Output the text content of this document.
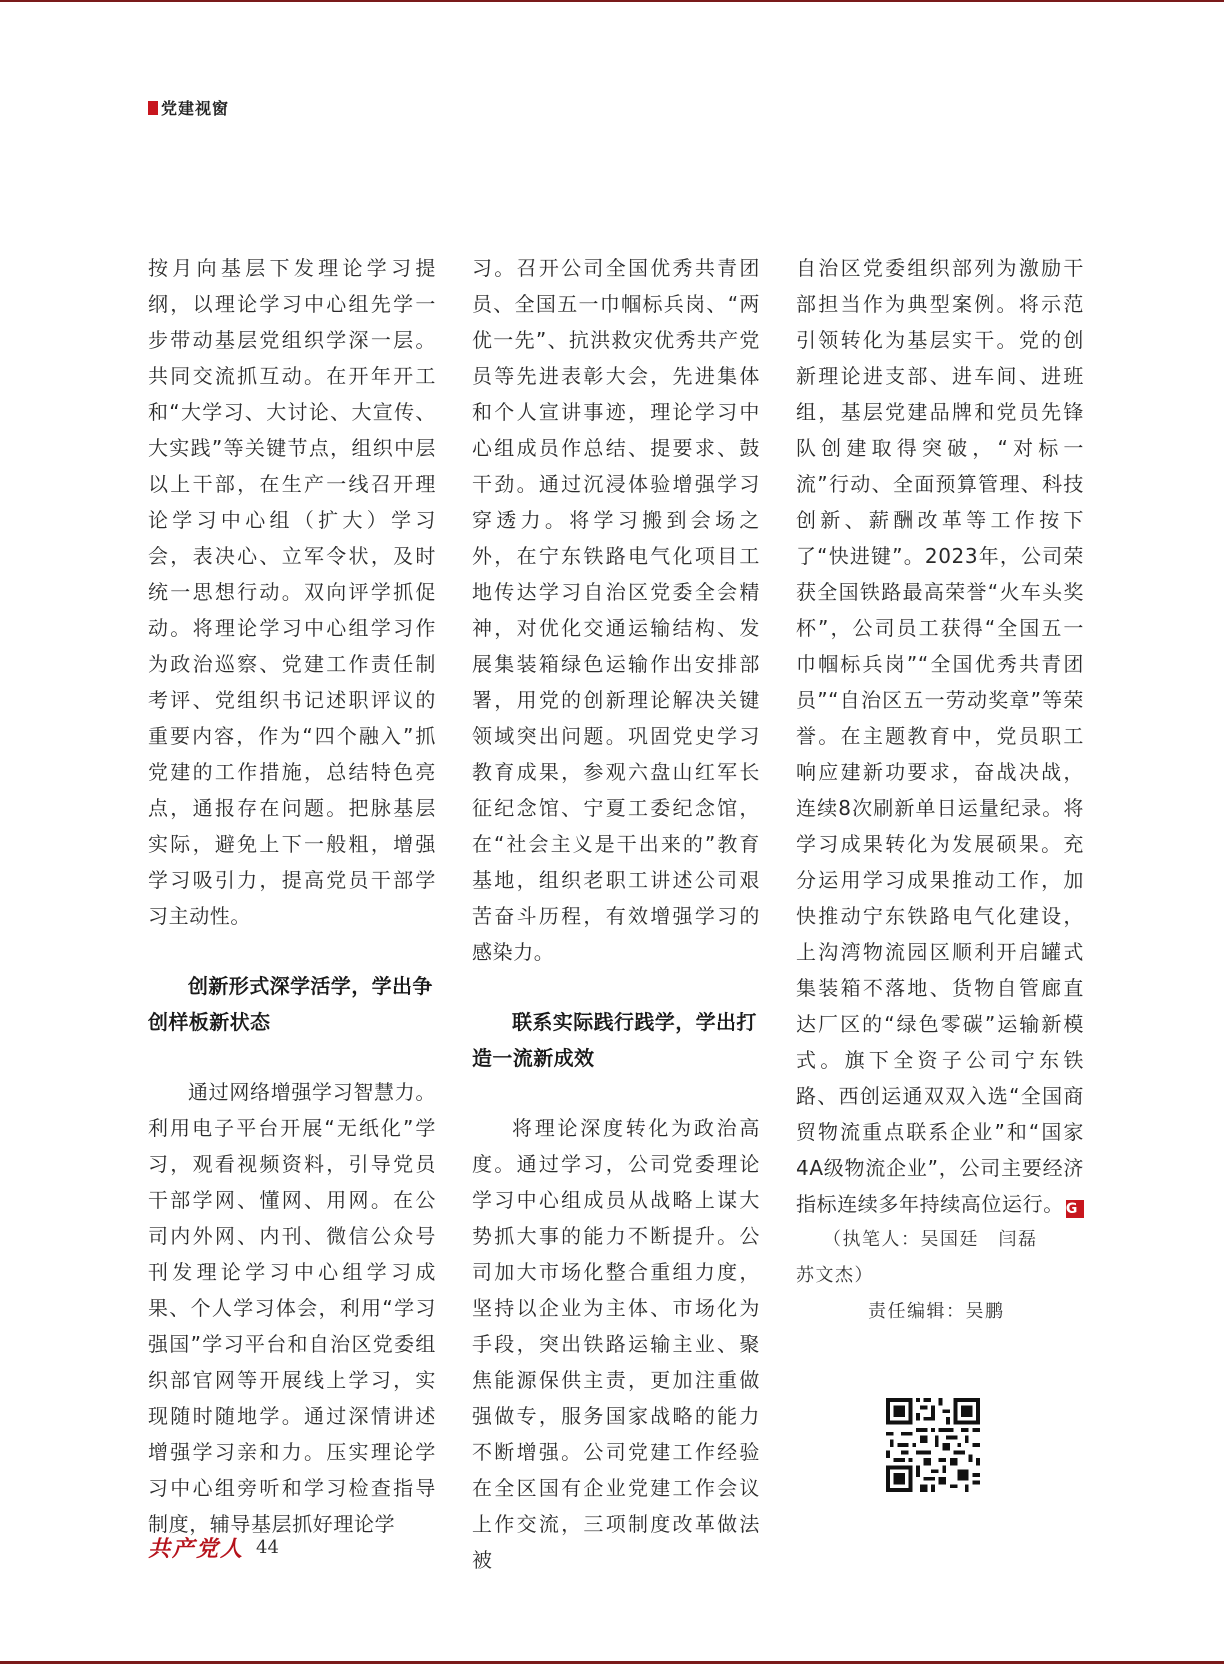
党建视窗

按月向基层下发理论学习提纲，以理论学习中心组先学一步带动基层党组织学深一层。共同交流抓互动。在开年开工和“大学习、大讨论、大宣传、大实践”等关键节点，组织中层以上干部，在生产一线召开理论学习中心组（扩大）学习会，表决心、立军令状，及时统一思想行动。双向评学抓促动。将理论学习中心组学习作为政治巡察、党建工作责任制考评、党组织书记述职评议的重要内容，作为“四个融入”抓党建的工作措施，总结特色亮点，通报存在问题。把脉基层实际，避免上下一般粗，增强学习吸引力，提高党员干部学习主动性。

创新形式深学活学，学出争创样板新状态

通过网络增强学习智慧力。利用电子平台开展“无纸化”学习，观看视频资料，引导党员干部学网、懂网、用网。在公司内外网、内刊、微信公众号刊发理论学习中心组学习成果、个人学习体会，利用“学习强国”学习平台和自治区党委组织部官网等开展线上学习，实现随时随地学。通过深情讲述增强学习亲和力。压实理论学习中心组旁听和学习检查指导制度，辅导基层抓好理论学

习。召开公司全国优秀共青团员、全国五一巾帼标兵岗、“两优一先”、抗洪救灾优秀共产党员等先进表彰大会，先进集体和个人宣讲事迹，理论学习中心组成员作总结、提要求、鼓干劲。通过沉浸体验增强学习穿透力。将学习搬到会场之外，在宁东铁路电气化项目工地传达学习自治区党委全会精神，对优化交通运输结构、发展集装箱绿色运输作出安排部署，用党的创新理论解决关键领域突出问题。巩固党史学习教育成果，参观六盘山红军长征纪念馆、宁夏工委纪念馆，在“社会主义是干出来的”教育基地，组织老职工讲述公司艰苦奋斗历程，有效增强学习的感染力。

联系实际践行践学，学出打造一流新成效

将理论深度转化为政治高度。通过学习，公司党委理论学习中心组成员从战略上谋大势抓大事的能力不断提升。公司加大市场化整合重组力度，坚持以企业为主体、市场化为手段，突出铁路运输主业、聚焦能源保供主责，更加注重做强做专，服务国家战略的能力不断增强。公司党建工作经验在全区国有企业党建工作会议上作交流，三项制度改革做法被

自治区党委组织部列为激励干部担当作为典型案例。将示范引领转化为基层实干。党的创新理论进支部、进车间、进班组，基层党建品牌和党员先锋队创建取得突破，“对标一流”行动、全面预算管理、科技创新、薪酬改革等工作按下了“快进键”。2023年，公司荣获全国铁路最高荣誉“火车头奖杯”，公司员工获得“全国五一巾帼标兵岗”“全国优秀共青团员”“自治区五一劳动奖章”等荣誉。在主题教育中，党员职工响应建新功要求，奋战决战，连续8次刷新单日运量纪录。将学习成果转化为发展硕果。充分运用学习成果推动工作，加快推动宁东铁路电气化建设，上沟湾物流园区顺利开启罐式集装箱不落地、货物自管廊直达厂区的“绿色零碳”运输新模式。旗下全资子公司宁东铁路、西创运通双双入选“全国商贸物流重点联系企业”和“国家4A级物流企业”，公司主要经济指标连续多年持续高位运行。 G

（执笔人：吴国廷　闫磊

苏文杰）

责任编辑：吴鹏

共产党人 44
